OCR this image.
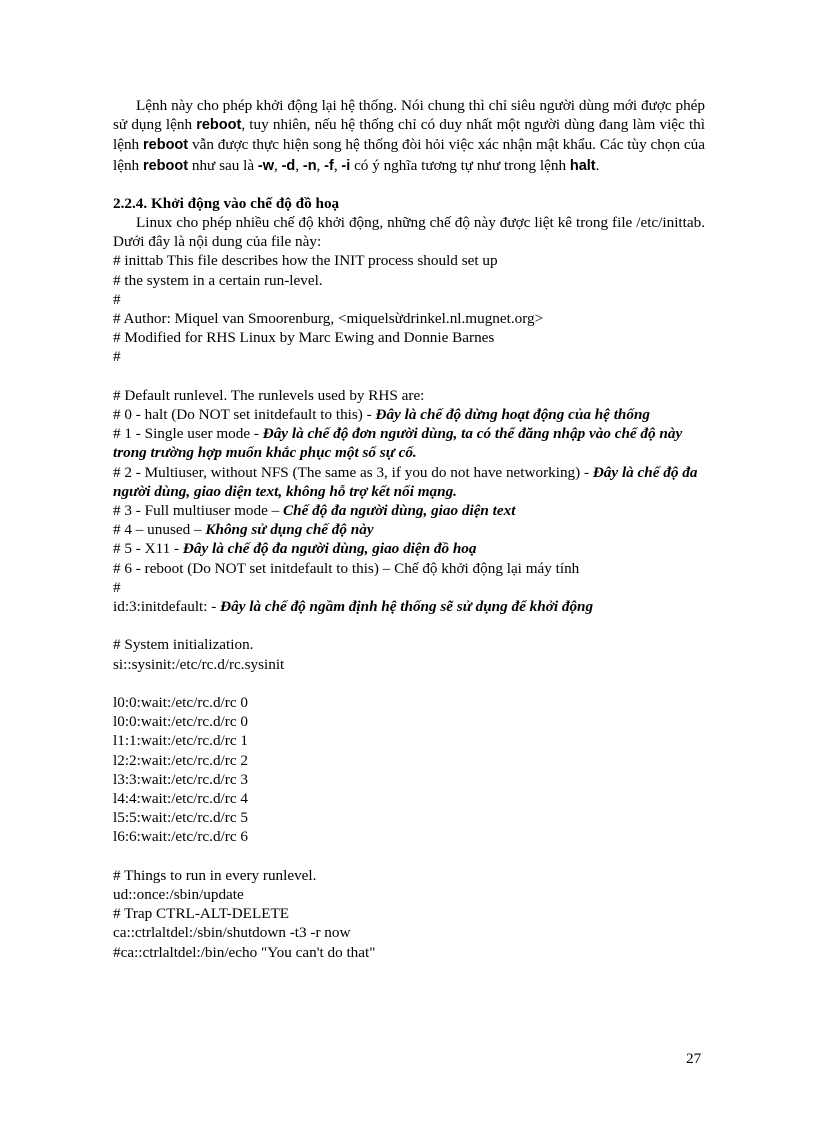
Lệnh này cho phép khởi động lại hệ thống. Nói chung thì chỉ siêu người dùng mới được phép sử dụng lệnh reboot, tuy nhiên, nếu hệ thống chỉ có duy nhất một người dùng đang làm việc thì lệnh reboot vẫn được thực hiện song hệ thống đòi hỏi việc xác nhận mật khẩu. Các tùy chọn của lệnh reboot như sau là -w, -d, -n, -f, -i có ý nghĩa tương tự như trong lệnh halt.

2.2.4. Khởi động vào chế độ đồ hoạ

Linux cho phép nhiều chế độ khởi động, những chế độ này được liệt kê trong file /etc/inittab. Dưới đây là nội dung của file này:

# inittab This file describes how the INIT process should set up

# the system in a certain run-level.

#

# Author: Miquel van Smoorenburg, <miquelsừdrinkel.nl.mugnet.org>

# Modified for RHS Linux by Marc Ewing and Donnie Barnes

#

# Default runlevel. The runlevels used by RHS are:

# 0 - halt (Do NOT set initdefault to this) - Đây là chế độ dừng hoạt động của hệ thống

# 1 - Single user mode - Đây là chế độ đơn người dùng, ta có thể đăng nhập vào chế độ này trong trường hợp muốn khắc phục một số sự cố.

# 2 - Multiuser, without NFS (The same as 3, if you do not have networking) - Đây là chế độ đa người dùng, giao diện text, không hỗ trợ kết nối mạng.

# 3 - Full multiuser mode – Chế độ đa người dùng, giao diện text

# 4 – unused – Không sử dụng chế độ này

# 5 - X11 - Đây là chế độ đa người dùng, giao diện đồ hoạ

# 6 - reboot (Do NOT set initdefault to this) – Chế độ khởi động lại máy tính

#

id:3:initdefault: - Đây là chế độ ngầm định hệ thống sẽ sử dụng để khởi động

# System initialization.

si::sysinit:/etc/rc.d/rc.sysinit

l0:0:wait:/etc/rc.d/rc 0

l0:0:wait:/etc/rc.d/rc 0

l1:1:wait:/etc/rc.d/rc 1

l2:2:wait:/etc/rc.d/rc 2

l3:3:wait:/etc/rc.d/rc 3

l4:4:wait:/etc/rc.d/rc 4

l5:5:wait:/etc/rc.d/rc 5

l6:6:wait:/etc/rc.d/rc 6

# Things to run in every runlevel.

ud::once:/sbin/update

# Trap CTRL-ALT-DELETE

ca::ctrlaltdel:/sbin/shutdown -t3 -r now

#ca::ctrlaltdel:/bin/echo "You can't do that"

27
